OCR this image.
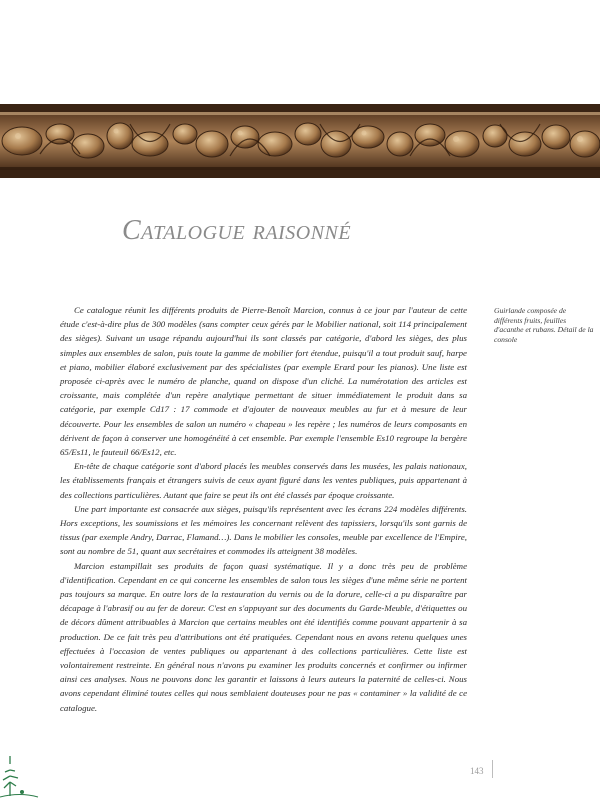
Catalogue raisonné
Guirlande composée de différents fruits, feuilles d'acanthe et rubans. Détail de la console

Ce catalogue réunit les différents produits de Pierre-Benoît Marcion, connus à ce jour par l'auteur de cette étude c'est-à-dire plus de 300 modèles (sans compter ceux gérés par le Mobilier national, soit 114 principalement des sièges). Suivant un usage répandu aujourd'hui ils sont classés par catégorie, d'abord les sièges, des plus simples aux ensembles de salon, puis toute la gamme de mobilier fort étendue, puisqu'il a tout produit sauf, harpe et piano, mobilier élaboré exclusivement par des spécialistes (par exemple Erard pour les pianos). Une liste est proposée ci-après avec le numéro de planche, quand on dispose d'un cliché. La numérotation des articles est croissante, mais complétée d'un repère analytique permettant de situer immédiatement le produit dans sa catégorie, par exemple Cd17 : 17 commode et d'ajouter de nouveaux meubles au fur et à mesure de leur découverte. Pour les ensembles de salon un numéro « chapeau » les repère ; les numéros de leurs composants en dérivent de façon à conserver une homogénéité à cet ensemble. Par exemple l'ensemble Es10 regroupe la bergère 65/Es11, le fauteuil 66/Es12, etc.

En-tête de chaque catégorie sont d'abord placés les meubles conservés dans les musées, les palais nationaux, les établissements français et étrangers suivis de ceux ayant figuré dans les ventes publiques, puis appartenant à des collections particulières. Autant que faire se peut ils ont été classés par époque croissante.

Une part importante est consacrée aux sièges, puisqu'ils représentent avec les écrans 224 modèles différents. Hors exceptions, les soumissions et les mémoires les concernant relèvent des tapissiers, lorsqu'ils sont garnis de tissus (par exemple Andry, Darrac, Flamand…). Dans le mobilier les consoles, meuble par excellence de l'Empire, sont au nombre de 51, quant aux secrétaires et commodes ils atteignent 38 modèles.

Marcion estampillait ses produits de façon quasi systématique. Il y a donc très peu de problème d'identification. Cependant en ce qui concerne les ensembles de salon tous les sièges d'une même série ne portent pas toujours sa marque. En outre lors de la restauration du vernis ou de la dorure, celle-ci a pu disparaître par décapage à l'abrasif ou au fer de doreur. C'est en s'appuyant sur des documents du Garde-Meuble, d'étiquettes ou de décors dûment attribuables à Marcion que certains meubles ont été identifiés comme pouvant appartenir à sa production. De ce fait très peu d'attributions ont été pratiquées. Cependant nous en avons retenu quelques unes effectuées à l'occasion de ventes publiques ou appartenant à des collections particulières. Cette liste est volontairement restreinte. En général nous n'avons pu examiner les produits concernés et confirmer ou infirmer ainsi ces analyses. Nous ne pouvons donc les garantir et laissons à leurs auteurs la paternité de celles-ci. Nous avons cependant éliminé toutes celles qui nous semblaient douteuses pour ne pas « contaminer » la validité de ce catalogue.

143
